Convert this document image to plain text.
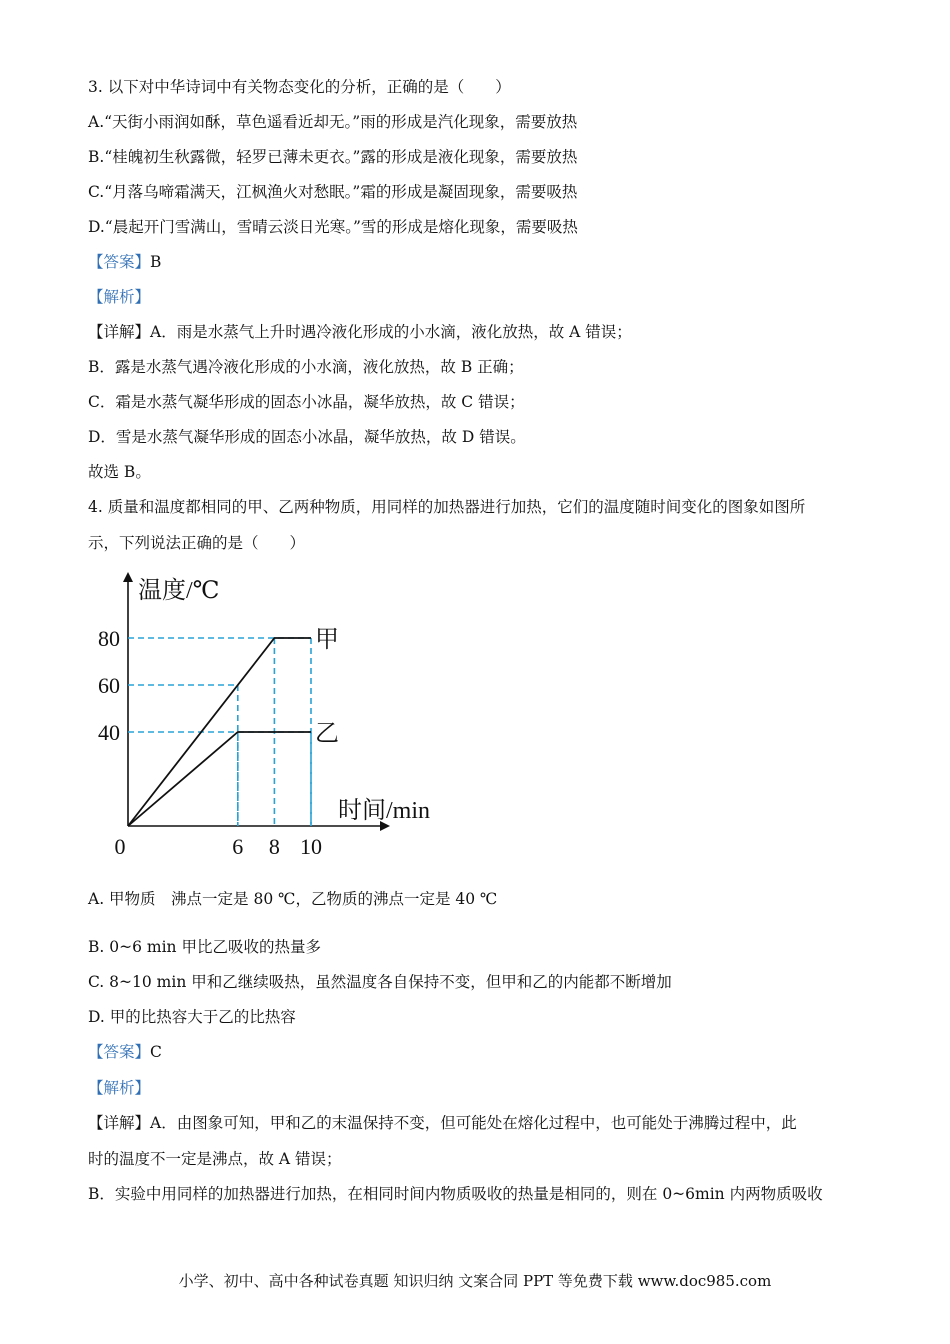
3. 以下对中华诗词中有关物态变化的分析，正确的是（　　）
A.“天街小雨润如酥，草色遥看近却无。”雨的形成是汽化现象，需要放热
B.“桂魄初生秋露微，轻罗已薄未更衣。”露的形成是液化现象，需要放热
C.“月落乌啼霜满天，江枫渔火对愁眠。”霜的形成是凝固现象，需要吸热
D.“晨起开门雪满山，雪晴云淡日光寒。”雪的形成是熔化现象，需要吸热
【答案】B
【解析】
【详解】A．雨是水蒸气上升时遇冷液化形成的小水滴，液化放热，故 A 错误；
B．露是水蒸气遇冷液化形成的小水滴，液化放热，故 B 正确；
C．霜是水蒸气凝华形成的固态小冰晶，凝华放热，故 C 错误；
D．雪是水蒸气凝华形成的固态小冰晶，凝华放热，故 D 错误。
故选 B。
4. 质量和温度都相同的甲、乙两种物质，用同样的加热器进行加热，它们的温度随时间变化的图象如图所
示，下列说法正确的是（　　）
甲
乙
40
60
80
6 8 10
温度/℃
时间/min
0
A. 甲物质　沸点一定是 80 ℃，乙物质的沸点一定是 40 ℃
B. 0~6 min 甲比乙吸收的热量多
C. 8~10 min 甲和乙继续吸热，虽然温度各自保持不变，但甲和乙的内能都不断增加
D. 甲的比热容大于乙的比热容
【答案】C
【解析】
【详解】A．由图象可知，甲和乙的末温保持不变，但可能处在熔化过程中，也可能处于沸腾过程中，此
时的温度不一定是沸点，故 A 错误；
B．实验中用同样的加热器进行加热，在相同时间内物质吸收的热量是相同的，则在 0~6min 内两物质吸收
小学、初中、高中各种试卷真题 知识归纳 文案合同 PPT 等免费下载 www.doc985.com
